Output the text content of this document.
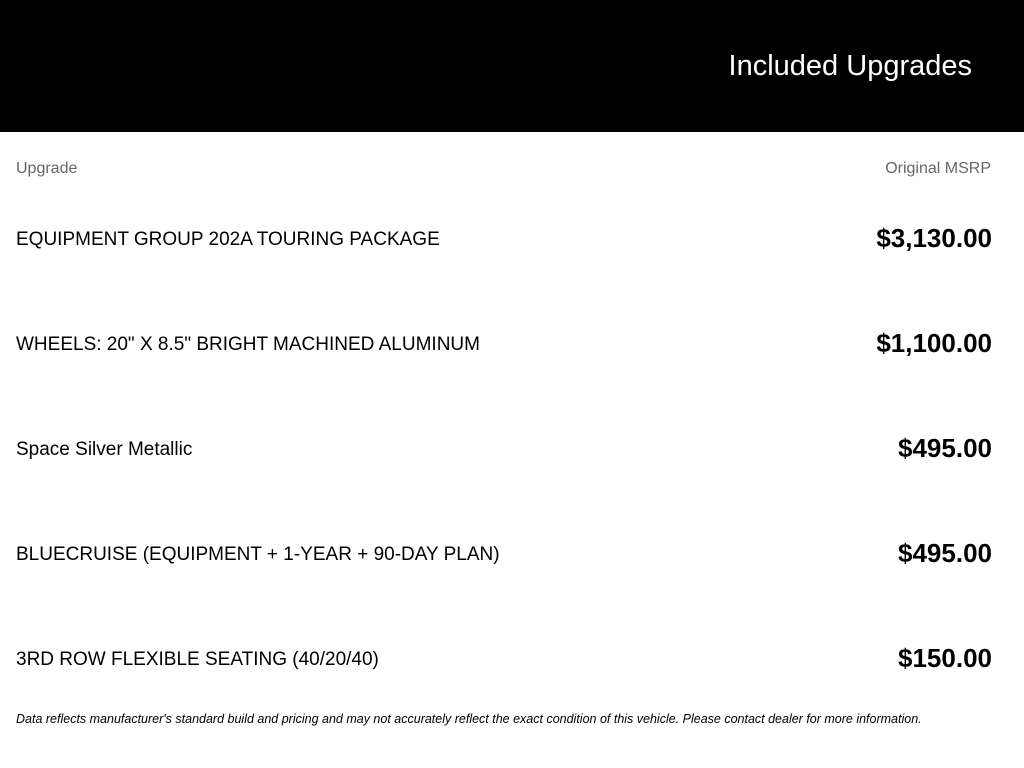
Included Upgrades
Upgrade	Original MSRP
EQUIPMENT GROUP 202A TOURING PACKAGE	$3,130.00
WHEELS: 20" X 8.5" BRIGHT MACHINED ALUMINUM	$1,100.00
Space Silver Metallic	$495.00
BLUECRUISE (EQUIPMENT + 1-YEAR + 90-DAY PLAN)	$495.00
3RD ROW FLEXIBLE SEATING (40/20/40)	$150.00
Data reflects manufacturer's standard build and pricing and may not accurately reflect the exact condition of this vehicle. Please contact dealer for more information.
